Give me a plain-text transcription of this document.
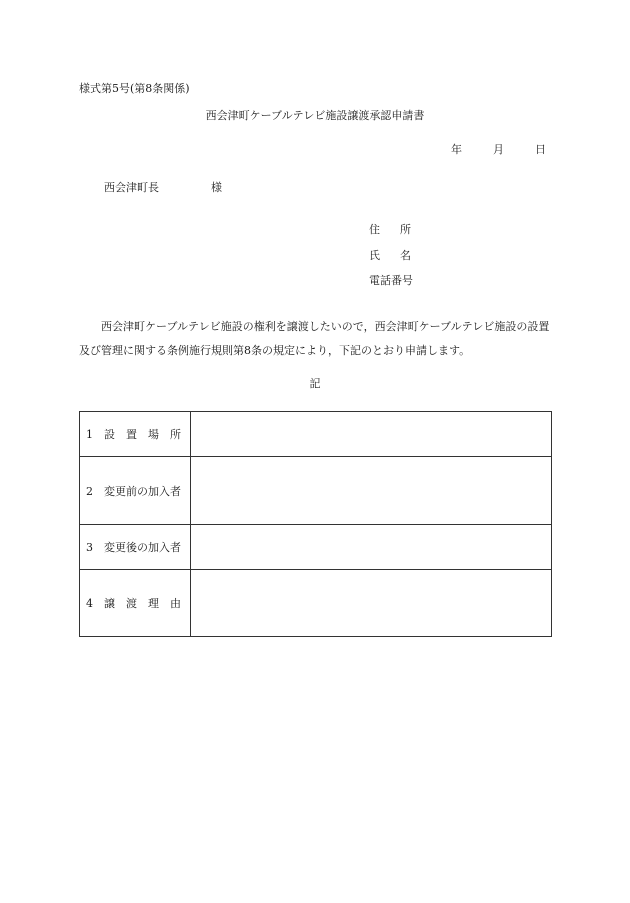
様式第5号(第8条関係)
西会津町ケーブルテレビ施設譲渡承認申請書
年	月	日
西会津町長	様
住 所
氏 名
電話番号
西会津町ケーブルテレビ施設の権利を譲渡したいので，西会津町ケーブルテレビ施設の設置及び管理に関する条例施行規則第8条の規定により，下記のとおり申請します。
記
1　設　置　場　所	
2　変更前の加入者	
3　変更後の加入者	
4　譲　渡　理　由	
